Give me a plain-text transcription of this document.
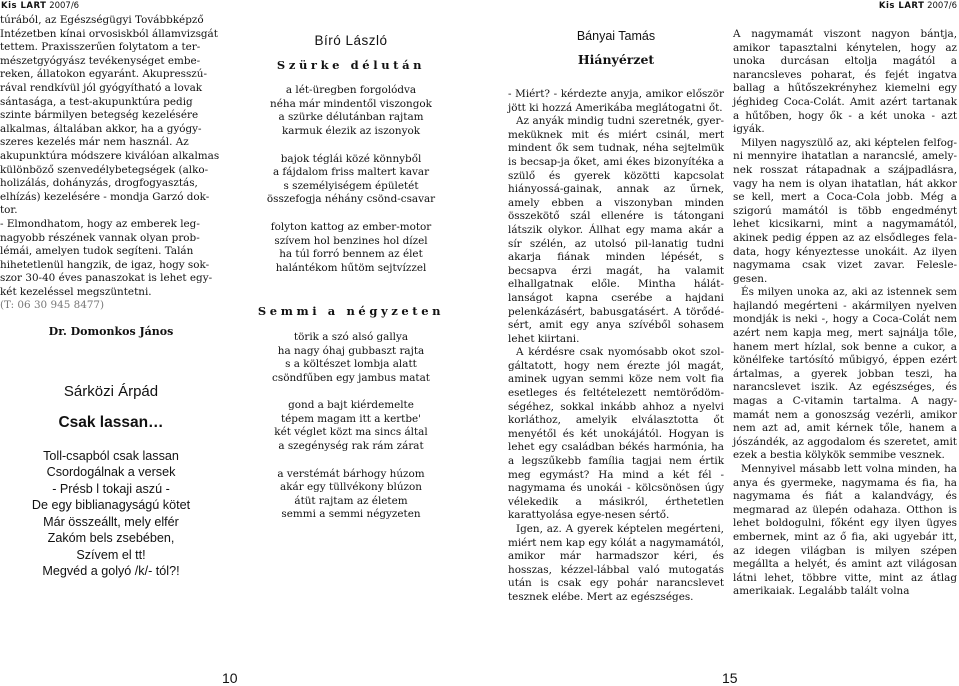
Kis LART 2007/6	Kis LART 2007/6
túrából, az Egészségügyi Továbbképző
Intézetben kínai orvosiskból államvizsgát
tettem. Praxisszerűen folytatom a ter-
mészetgyógyász tevékenységet embe-
reken, állatokon egyaránt. Akupresszú-
rával rendkívül jól gyógyítható a lovak
sántasága, a test-akupunktúra pedig
szinte bármilyen betegség kezelésére
alkalmas, általában akkor, ha a gyógy-
szeres kezelés már nem használ. Az
akupunktúra módszere kiválóan alkalmas
különböző szenvedélybetegségek (alko-
holizálás, dohányzás, drogfogyasztás,
elhízás) kezelésére - mondja Garzó dok-
tor.
- Elmondhatom, hogy az emberek leg-
nagyobb részének vannak olyan prob-
lémái, amelyen tudok segíteni. Talán
hihetetlenül hangzik, de igaz, hogy sok-
szor 30-40 éves panaszokat is lehet egy-
két kezeléssel megszüntetni.

(T: 06 30 945 8477)

Dr. Domonkos János

Sárközi Árpád
Csak lassan…
Toll-csapból csak lassan
Csordogálnak a versek
- Présb l tokaji aszú -
De egy biblianagyságú kötet
Már összeállt, mely elfér
Zakóm bels zsebében,
Szívem el tt!
Megvéd a golyó /k/- tól?!
10
Bíró László
Szürke délután
a lét-üregben forgolódva
néha már mindentől viszongok
a szürke délutánban rajtam
karmuk élezik az iszonyok
bajok téglái közé könnyből
a fájdalom friss maltert kavar
s személyiségem épületét
összefogja néhány csönd-csavar
folyton kattog az ember-motor
szívem hol benzines hol dízel
ha túl forró bennem az élet
halántékom hűtöm sejtvízzel
Semmi a négyzeten
törik a szó alsó gallya
ha nagy óhaj gubbaszt rajta
s a költészet lombja alatt
csöndfűben egy jambus matat
gond a bajt kiérdemelte
tépem magam itt a kertbe'
két véglet közt ma sincs által
a szegénység rak rám zárat
a verstémát bárhogy húzom
akár egy tüllvékony blúzon
átüt rajtam az életem
semmi a semmi négyzeten
Bányai Tamás
Hiányérzet

- Miért? - kérdezte anyja, amikor először jött ki hozzá Amerikába meglátogatni őt.

Az anyák mindig tudni szeretnék, gyer-meküknek mit és miért csinál, mert mindent ők sem tudnak, néha sejtelmük is becsap-ja őket, ami ékes bizonyítéka a szülő és gyerek közötti kapcsolat hiányossá-gainak, annak az űrnek, amely ebben a viszonyban minden összekötő szál ellenére is tátongani látszik olykor. Állhat egy mama akár a sír szélén, az utolsó pil-lanatig tudni akarja fiának minden lépését, s becsapva érzi magát, ha valamit elhallgatnak előle. Mintha hálát-lanságot kapna cserébe a hajdani pelenkázásért, babusgatásért. A törődé-sért, amit egy anya szívéből sohasem lehet kiirtani.

A kérdésre csak nyomósabb okot szol-gáltatott, hogy nem érezte jól magát, aminek ugyan semmi köze nem volt fia esetleges és feltételezett nemtörődöm-ségéhez, sokkal inkább ahhoz a nyelvi korláthoz, amelyik elválasztotta őt menyétől és két unokájától. Hogyan is lehet egy családban békés harmónia, ha a legszűkebb família tagjai nem értik meg egymást? Ha mind a két fél - nagymama és unokái - kölcsönösen úgy vélekedik a másikról, érthetetlen karattyolása egye-nesen sértő.

Igen, az. A gyerek képtelen megérteni, miért nem kap egy kólát a nagymamától, amikor már harmadszor kéri, és hosszas, kézzel-lábbal való mutogatás után is csak egy pohár narancslevet tesznek elébe. Mert az egészséges.

15

A nagymamát viszont nagyon bántja, amikor tapasztalni kénytelen, hogy az unoka durcásan eltolja magától a narancsleves poharat, és fejét ingatva ballag a hűtőszekrényhez kiemelni egy jéghideg Coca-Colát. Amit azért tartanak a hűtőben, hogy ők - a két unoka - azt igyák.

Milyen nagyszülő az, aki képtelen felfog-ni mennyire ihatatlan a narancslé, amely-nek rosszat rátapadnak a szájpadlásra, vagy ha nem is olyan ihatatlan, hát akkor se kell, mert a Coca-Cola jobb. Még a szigorú mamától is több engedményt lehet kicsikarni, mint a nagymamától, akinek pedig éppen az az elsődleges fela-data, hogy kényeztesse unokáit. Az ilyen nagymama csak vizet zavar. Felesle-gesen.

És milyen unoka az, aki az istennek sem hajlandó megérteni - akármilyen nyelven mondják is neki -, hogy a Coca-Colát nem azért nem kapja meg, mert sajnálja tőle, hanem mert hízlal, sok benne a cukor, a könélfeke tartósító műbigyó, éppen ezért ártalmas, a gyerek jobban teszi, ha narancslevet iszik. Az egészséges, és magas a C-vitamin tartalma. A nagy-mamát nem a gonoszság vezérli, amikor nem azt ad, amit kérnek tőle, hanem a jószándék, az aggodalom és szeretet, amit ezek a bestia kölykök semmibe vesznek.

Mennyivel másabb lett volna minden, ha anya és gyermeke, nagymama és fia, ha nagymama és fiát a kalandvágy, és megmarad az ülepén odahaza. Otthon is lehet boldogulni, főként egy ilyen ügyes embernek, mint az ő fia, aki ugyebár itt, az idegen világban is milyen szépen megállta a helyét, és amint azt világosan látni lehet, többre vitte, mint az átlag amerikaiak. Legalább talált volna
